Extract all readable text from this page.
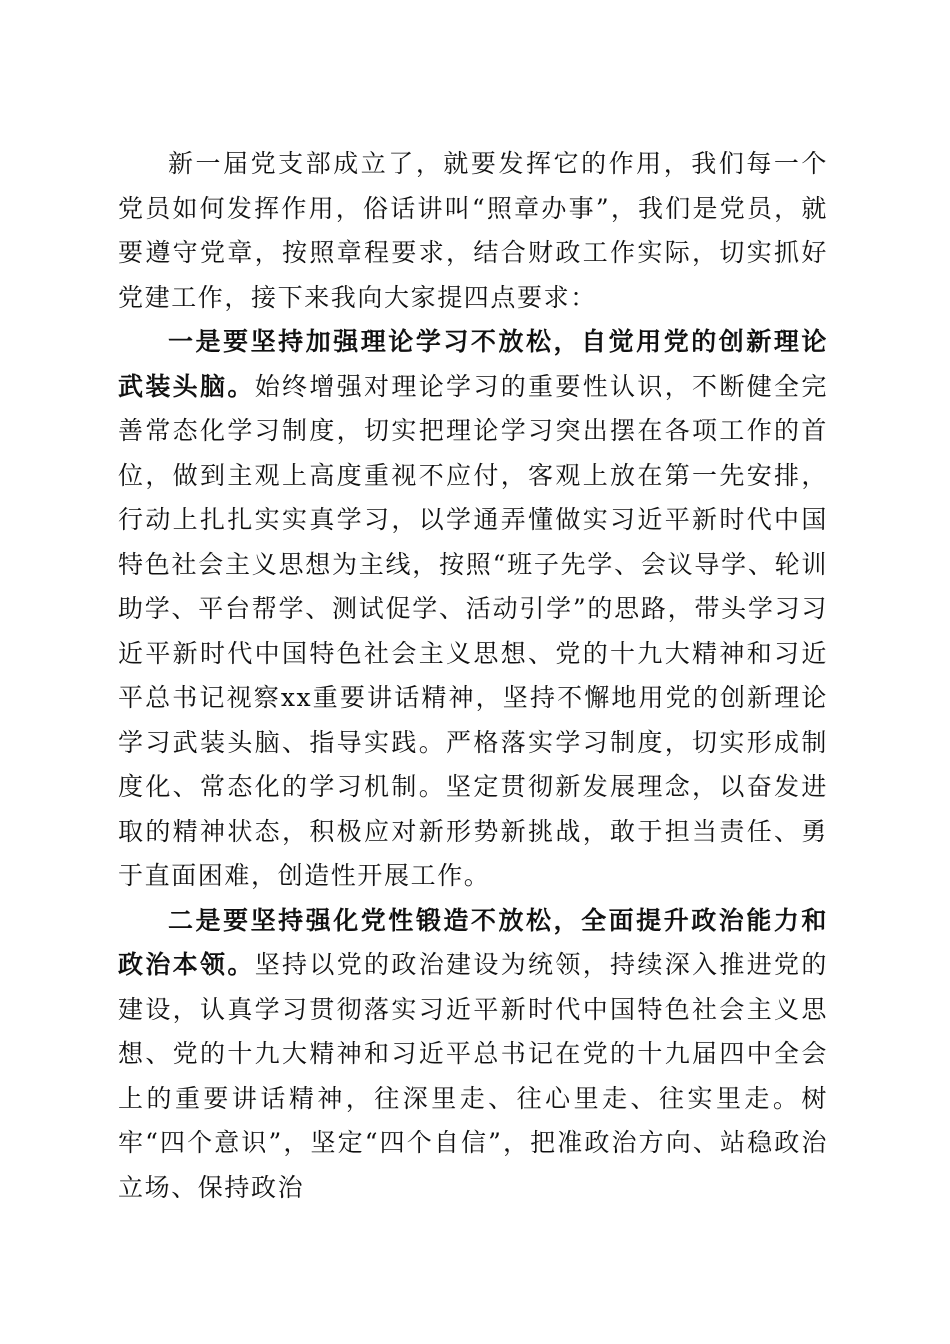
新一届党支部成立了，就要发挥它的作用，我们每一个党员如何发挥作用，俗话讲叫“照章办事”，我们是党员，就要遵守党章，按照章程要求，结合财政工作实际，切实抓好党建工作，接下来我向大家提四点要求：

一是要坚持加强理论学习不放松，自觉用党的创新理论武装头脑。始终增强对理论学习的重要性认识，不断健全完善常态化学习制度，切实把理论学习突出摆在各项工作的首位，做到主观上高度重视不应付，客观上放在第一先安排，行动上扎扎实实真学习，以学通弄懂做实习近平新时代中国特色社会主义思想为主线，按照“班子先学、会议导学、轮训助学、平台帮学、测试促学、活动引学”的思路，带头学习习近平新时代中国特色社会主义思想、党的十九大精神和习近平总书记视察xx重要讲话精神，坚持不懈地用党的创新理论学习武装头脑、指导实践。严格落实学习制度，切实形成制度化、常态化的学习机制。坚定贯彻新发展理念，以奋发进取的精神状态，积极应对新形势新挑战，敢于担当责任、勇于直面困难，创造性开展工作。

二是要坚持强化党性锻造不放松，全面提升政治能力和政治本领。坚持以党的政治建设为统领，持续深入推进党的建设，认真学习贯彻落实习近平新时代中国特色社会主义思想、党的十九大精神和习近平总书记在党的十九届四中全会上的重要讲话精神，往深里走、往心里走、往实里走。树牢“四个意识”，坚定“四个自信”，把准政治方向、站稳政治立场、保持政治
